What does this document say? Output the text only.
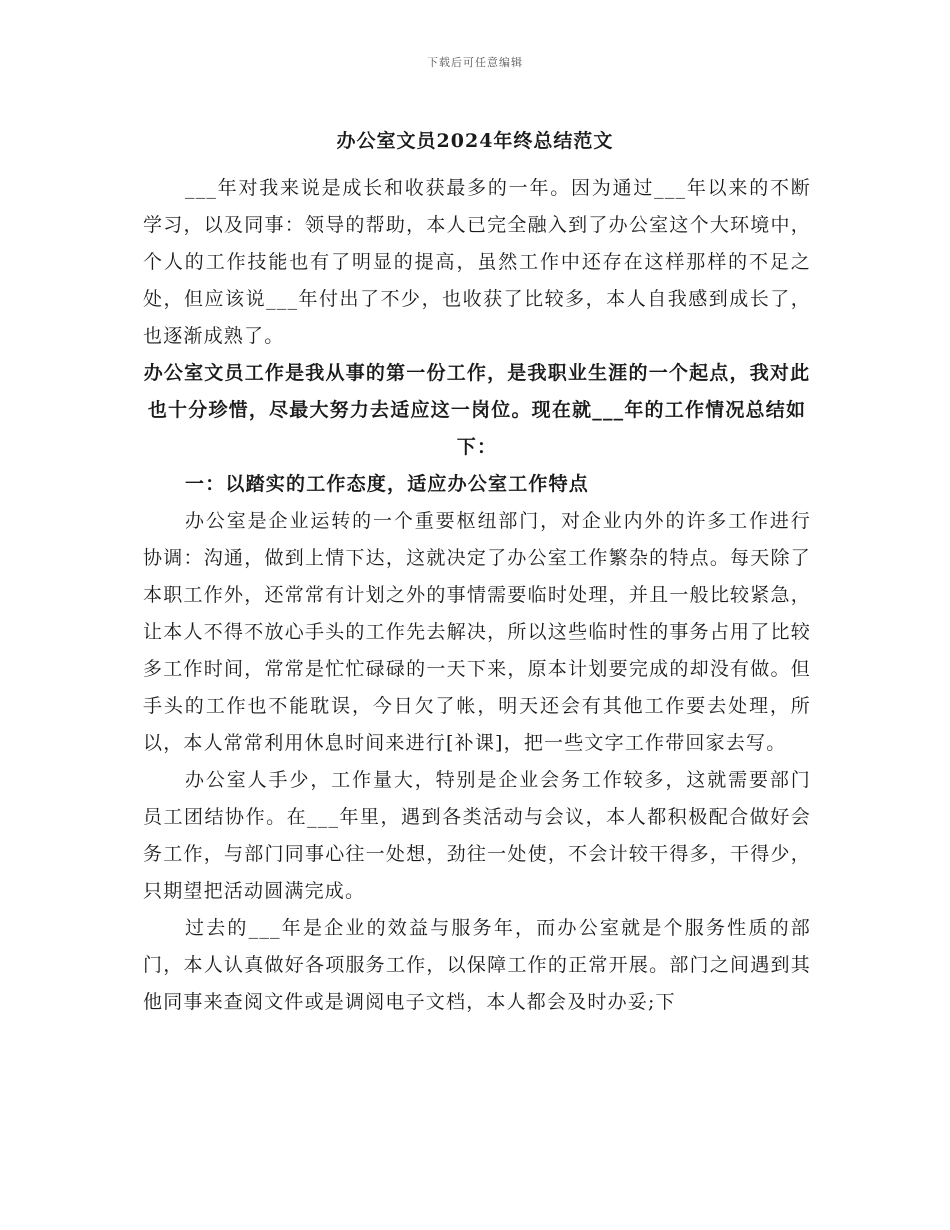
下载后可任意编辑
办公室文员2024年终总结范文

___年对我来说是成长和收获最多的一年。因为通过___年以来的不断学习，以及同事：领导的帮助，本人已完全融入到了办公室这个大环境中，个人的工作技能也有了明显的提高，虽然工作中还存在这样那样的不足之处，但应该说___年付出了不少，也收获了比较多，本人自我感到成长了，也逐渐成熟了。

办公室文员工作是我从事的第一份工作，是我职业生涯的一个起点，我对此也十分珍惜，尽最大努力去适应这一岗位。现在就___年的工作情况总结如下：

一：以踏实的工作态度，适应办公室工作特点

办公室是企业运转的一个重要枢纽部门，对企业内外的许多工作进行协调：沟通，做到上情下达，这就决定了办公室工作繁杂的特点。每天除了本职工作外，还常常有计划之外的事情需要临时处理，并且一般比较紧急，让本人不得不放心手头的工作先去解决，所以这些临时性的事务占用了比较多工作时间，常常是忙忙碌碌的一天下来，原本计划要完成的却没有做。但手头的工作也不能耽误，今日欠了帐，明天还会有其他工作要去处理，所以，本人常常利用休息时间来进行[补课]，把一些文字工作带回家去写。

办公室人手少，工作量大，特别是企业会务工作较多，这就需要部门员工团结协作。在___年里，遇到各类活动与会议，本人都积极配合做好会务工作，与部门同事心往一处想，劲往一处使，不会计较干得多，干得少，只期望把活动圆满完成。

过去的___年是企业的效益与服务年，而办公室就是个服务性质的部门，本人认真做好各项服务工作，以保障工作的正常开展。部门之间遇到其他同事来查阅文件或是调阅电子文档，本人都会及时办妥;下
